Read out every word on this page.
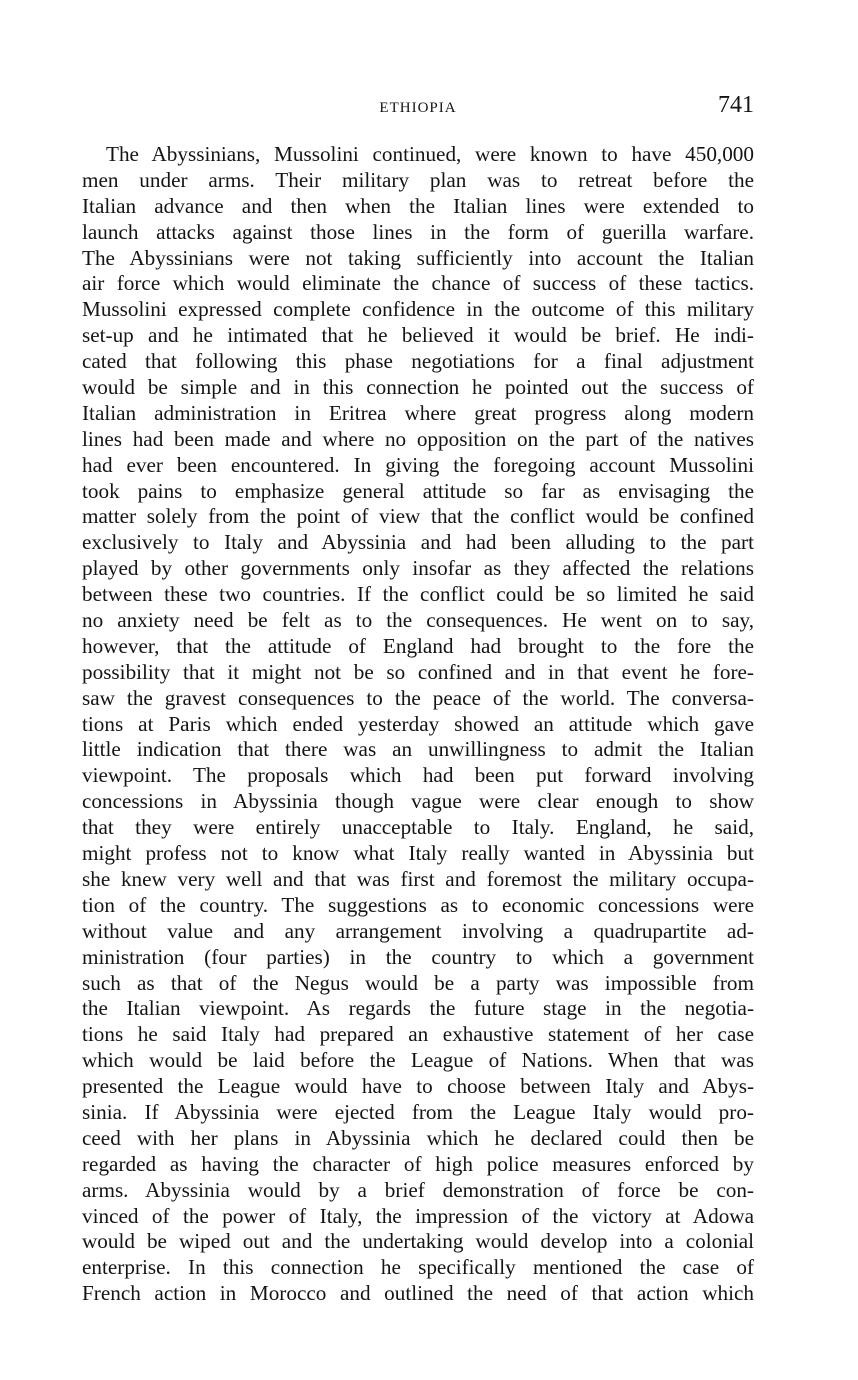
ETHIOPIA	741
The Abyssinians, Mussolini continued, were known to have 450,000
men under arms. Their military plan was to retreat before the
Italian advance and then when the Italian lines were extended to
launch attacks against those lines in the form of guerilla warfare.
The Abyssinians were not taking sufficiently into account the Italian
air force which would eliminate the chance of success of these tactics.
Mussolini expressed complete confidence in the outcome of this military
set-up and he intimated that he believed it would be brief. He indi-
cated that following this phase negotiations for a final adjustment
would be simple and in this connection he pointed out the success of
Italian administration in Eritrea where great progress along modern
lines had been made and where no opposition on the part of the natives
had ever been encountered. In giving the foregoing account Mussolini
took pains to emphasize general attitude so far as envisaging the
matter solely from the point of view that the conflict would be confined
exclusively to Italy and Abyssinia and had been alluding to the part
played by other governments only insofar as they affected the relations
between these two countries. If the conflict could be so limited he said
no anxiety need be felt as to the consequences. He went on to say,
however, that the attitude of England had brought to the fore the
possibility that it might not be so confined and in that event he fore-
saw the gravest consequences to the peace of the world. The conversa-
tions at Paris which ended yesterday showed an attitude which gave
little indication that there was an unwillingness to admit the Italian
viewpoint. The proposals which had been put forward involving
concessions in Abyssinia though vague were clear enough to show
that they were entirely unacceptable to Italy. England, he said,
might profess not to know what Italy really wanted in Abyssinia but
she knew very well and that was first and foremost the military occupa-
tion of the country. The suggestions as to economic concessions were
without value and any arrangement involving a quadrupartite ad-
ministration (four parties) in the country to which a government
such as that of the Negus would be a party was impossible from
the Italian viewpoint. As regards the future stage in the negotia-
tions he said Italy had prepared an exhaustive statement of her case
which would be laid before the League of Nations. When that was
presented the League would have to choose between Italy and Abys-
sinia. If Abyssinia were ejected from the League Italy would pro-
ceed with her plans in Abyssinia which he declared could then be
regarded as having the character of high police measures enforced by
arms. Abyssinia would by a brief demonstration of force be con-
vinced of the power of Italy, the impression of the victory at Adowa
would be wiped out and the undertaking would develop into a colonial
enterprise. In this connection he specifically mentioned the case of
French action in Morocco and outlined the need of that action which
